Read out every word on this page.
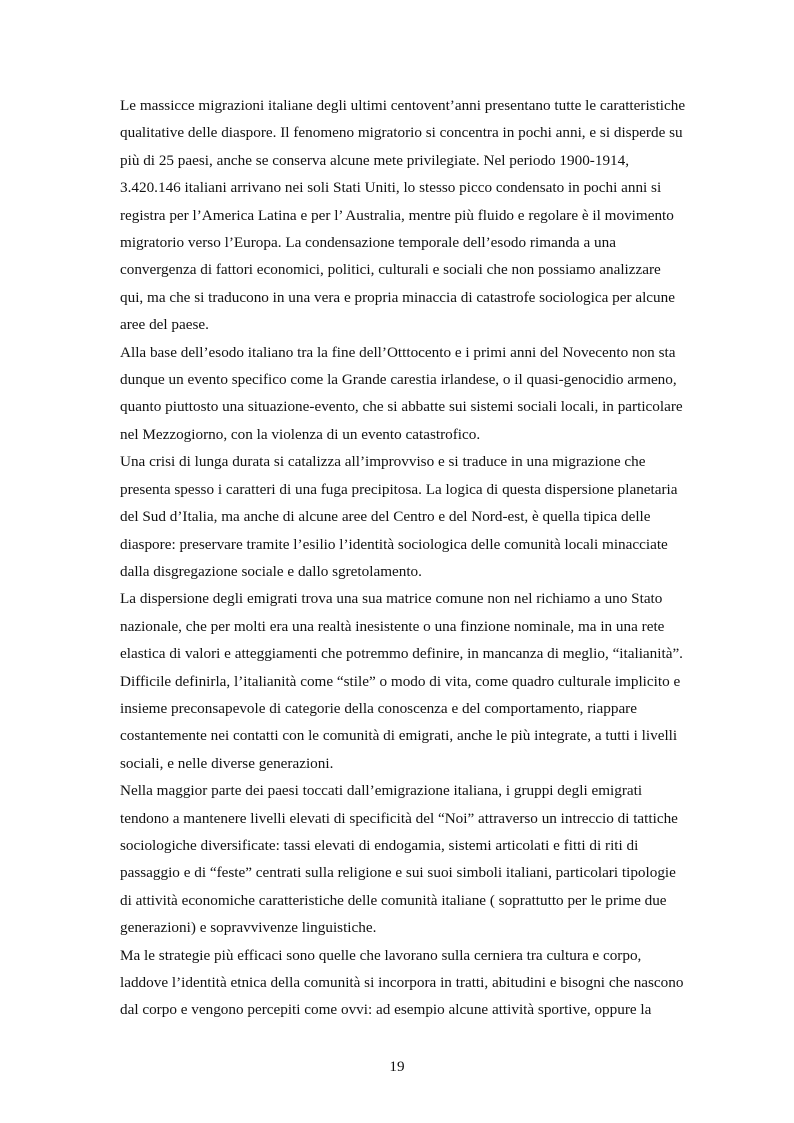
Le massicce migrazioni italiane degli ultimi centovent’anni presentano tutte le caratteristiche
qualitative delle diaspore. Il fenomeno migratorio si concentra in pochi anni, e si disperde su
più di 25 paesi, anche se conserva alcune mete privilegiate. Nel periodo 1900-1914,
3.420.146 italiani arrivano nei soli Stati Uniti, lo stesso picco condensato in pochi anni si
registra per l’America Latina e per l’ Australia, mentre più fluido e regolare è il movimento
migratorio verso l’Europa. La condensazione temporale dell’esodo rimanda a una
convergenza di fattori economici, politici, culturali e sociali che non possiamo analizzare
qui, ma che si traducono in una vera e propria minaccia di catastrofe sociologica per alcune
aree del paese.

Alla base dell’esodo italiano tra la fine dell’Otttocento e i primi anni del Novecento non sta
dunque un evento specifico come la Grande carestia irlandese, o il quasi-genocidio armeno,
quanto piuttosto una situazione-evento, che si abbatte sui sistemi sociali locali, in particolare
nel Mezzogiorno, con la violenza di un evento catastrofico.

Una crisi di lunga durata si catalizza all’improvviso e si traduce in una migrazione che
presenta spesso i caratteri di una fuga precipitosa. La logica di questa dispersione planetaria
del Sud d’Italia, ma anche di alcune aree del Centro e del Nord-est, è quella tipica delle
diaspore: preservare tramite l’esilio l’identità sociologica delle comunità locali minacciate
dalla disgregazione sociale e dallo sgretolamento.

La dispersione degli emigrati trova una sua matrice comune non nel richiamo a uno Stato
nazionale, che per molti era una realtà inesistente o una finzione nominale, ma in una rete
elastica di valori e atteggiamenti che potremmo definire, in mancanza di meglio, “italianità”.

Difficile definirla, l’italianità come “stile” o modo di vita, come quadro culturale implicito e
insieme preconsapevole di categorie della conoscenza e del comportamento, riappare
costantemente nei contatti con le comunità di emigrati, anche le più integrate, a tutti i livelli
sociali, e nelle diverse generazioni.

Nella maggior parte dei paesi toccati dall’emigrazione italiana, i gruppi degli emigrati
tendono a mantenere livelli elevati di specificità del “Noi” attraverso un intreccio di tattiche
sociologiche diversificate: tassi elevati di endogamia, sistemi articolati e fitti di riti di
passaggio e di “feste” centrati sulla religione e sui suoi simboli italiani, particolari tipologie
di attività economiche caratteristiche delle comunità italiane ( soprattutto per le prime due
generazioni) e sopravvivenze linguistiche.

Ma le strategie più efficaci sono quelle che lavorano sulla cerniera tra cultura e corpo,
laddove l’identità etnica della comunità si incorpora in tratti, abitudini e bisogni che nascono
dal corpo e vengono percepiti come ovvi: ad esempio alcune attività sportive, oppure la

19
